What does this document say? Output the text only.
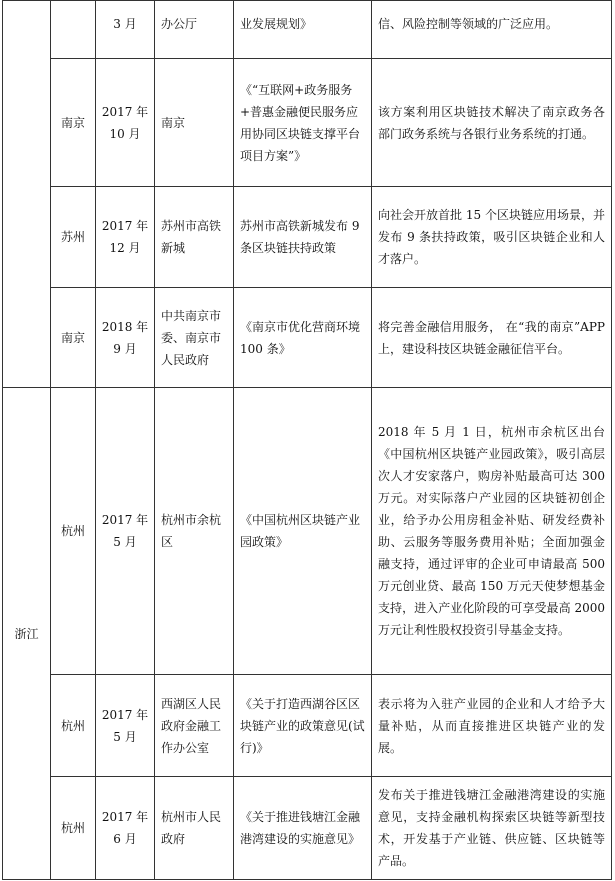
		3 月	办公厅	业发展规划》	信、风险控制等领域的广泛应用。
	南京	2017 年 10 月	南京	《“互联网+政务服务+普惠金融便民服务应用协同区块链支撑平台项目方案”》	该方案利用区块链技术解决了南京政务各部门政务系统与各银行业务系统的打通。
	苏州	2017 年 12 月	苏州市高铁新城	苏州市高铁新城发布 9 条区块链扶持政策	向社会开放首批 15 个区块链应用场景，并发布 9 条扶持政策，吸引区块链企业和人才落户。
	南京	2018 年 9 月	中共南京市委、南京市人民政府	《南京市优化营商环境 100 条》	将完善金融信用服务， 在“我的南京”APP 上，建设科技区块链金融征信平台。
浙江	杭州	2017 年 5 月	杭州市余杭区	《中国杭州区块链产业园政策》	2018 年 5 月 1 日，杭州市余杭区出台《中国杭州区块链产业园政策》，吸引高层次人才安家落户，购房补贴最高可达 300 万元。对实际落户产业园的区块链初创企业，给予办公用房租金补贴、研发经费补助、云服务等服务费用补贴；全面加强金融支持，通过评审的企业可申请最高 500 万元创业贷、最高 150 万元天使梦想基金支持，进入产业化阶段的可享受最高 2000 万元让利性股权投资引导基金支持。
	杭州	2017 年 5 月	西湖区人民政府金融工作办公室	《关于打造西湖谷区区块链产业的政策意见(试行)》	表示将为入驻产业园的企业和人才给予大量补贴，从而直接推进区块链产业的发展。
	杭州	2017 年 6 月	杭州市人民政府	《关于推进钱塘江金融港湾建设的实施意见》	发布关于推进钱塘江金融港湾建设的实施意见，支持金融机构探索区块链等新型技术，开发基于产业链、供应链、区块链等产品。
